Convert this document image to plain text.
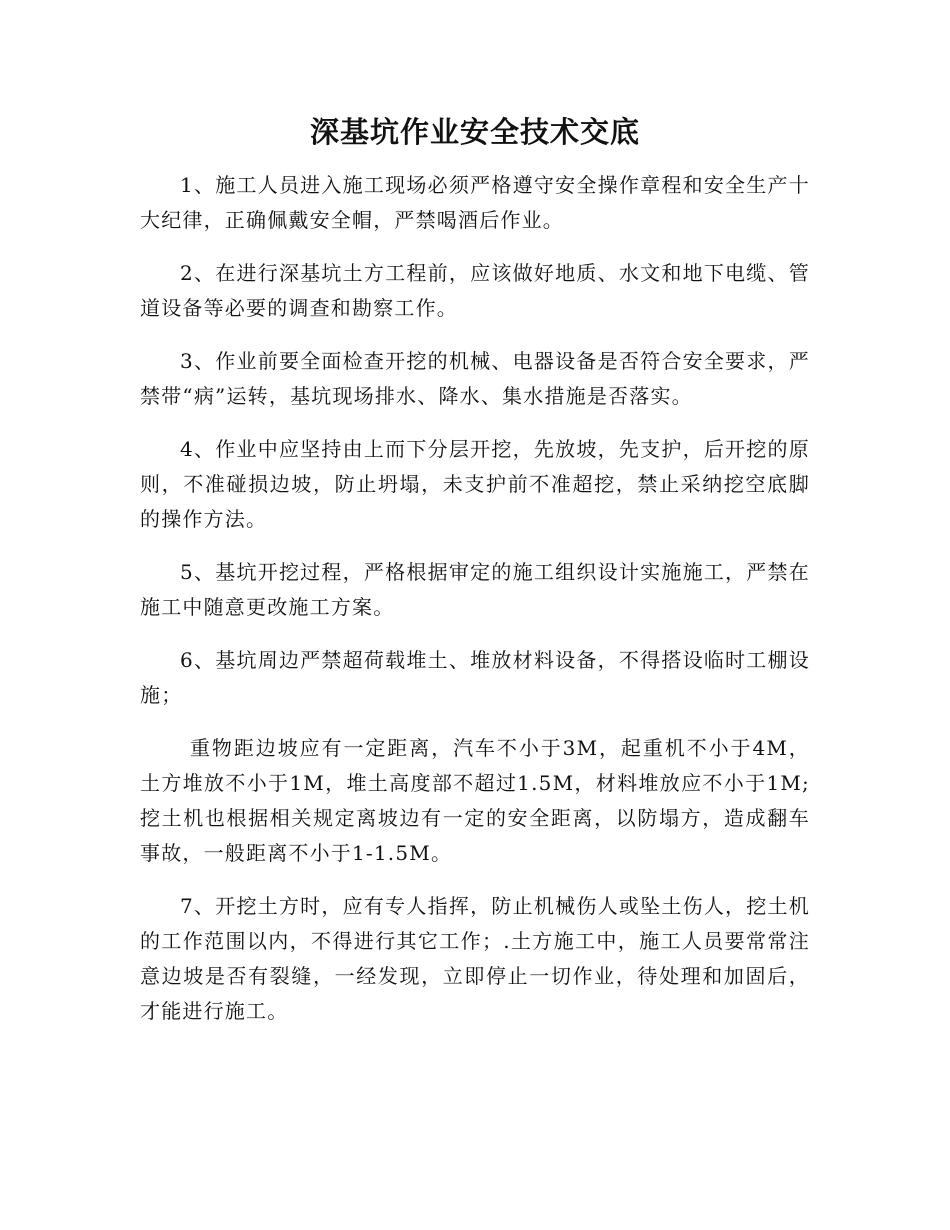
深基坑作业安全技术交底

1、施工人员进入施工现场必须严格遵守安全操作章程和安全生产十大纪律，正确佩戴安全帽，严禁喝酒后作业。

2、在进行深基坑土方工程前，应该做好地质、水文和地下电缆、管道设备等必要的调查和勘察工作。

3、作业前要全面检查开挖的机械、电器设备是否符合安全要求，严禁带“病”运转，基坑现场排水、降水、集水措施是否落实。

4、作业中应坚持由上而下分层开挖，先放坡，先支护，后开挖的原则，不准碰损边坡，防止坍塌，未支护前不准超挖，禁止采纳挖空底脚的操作方法。

5、基坑开挖过程，严格根据审定的施工组织设计实施施工，严禁在施工中随意更改施工方案。

6、基坑周边严禁超荷载堆土、堆放材料设备，不得搭设临时工棚设施；

重物距边坡应有一定距离，汽车不小于3M，起重机不小于4M，土方堆放不小于1M，堆土高度部不超过1.5M，材料堆放应不小于1M;挖土机也根据相关规定离坡边有一定的安全距离，以防塌方，造成翻车事故，一般距离不小于1-1.5M。

7、开挖土方时，应有专人指挥，防止机械伤人或坠土伤人，挖土机的工作范围以内，不得进行其它工作；.土方施工中，施工人员要常常注意边坡是否有裂缝，一经发现，立即停止一切作业，待处理和加固后，才能进行施工。
